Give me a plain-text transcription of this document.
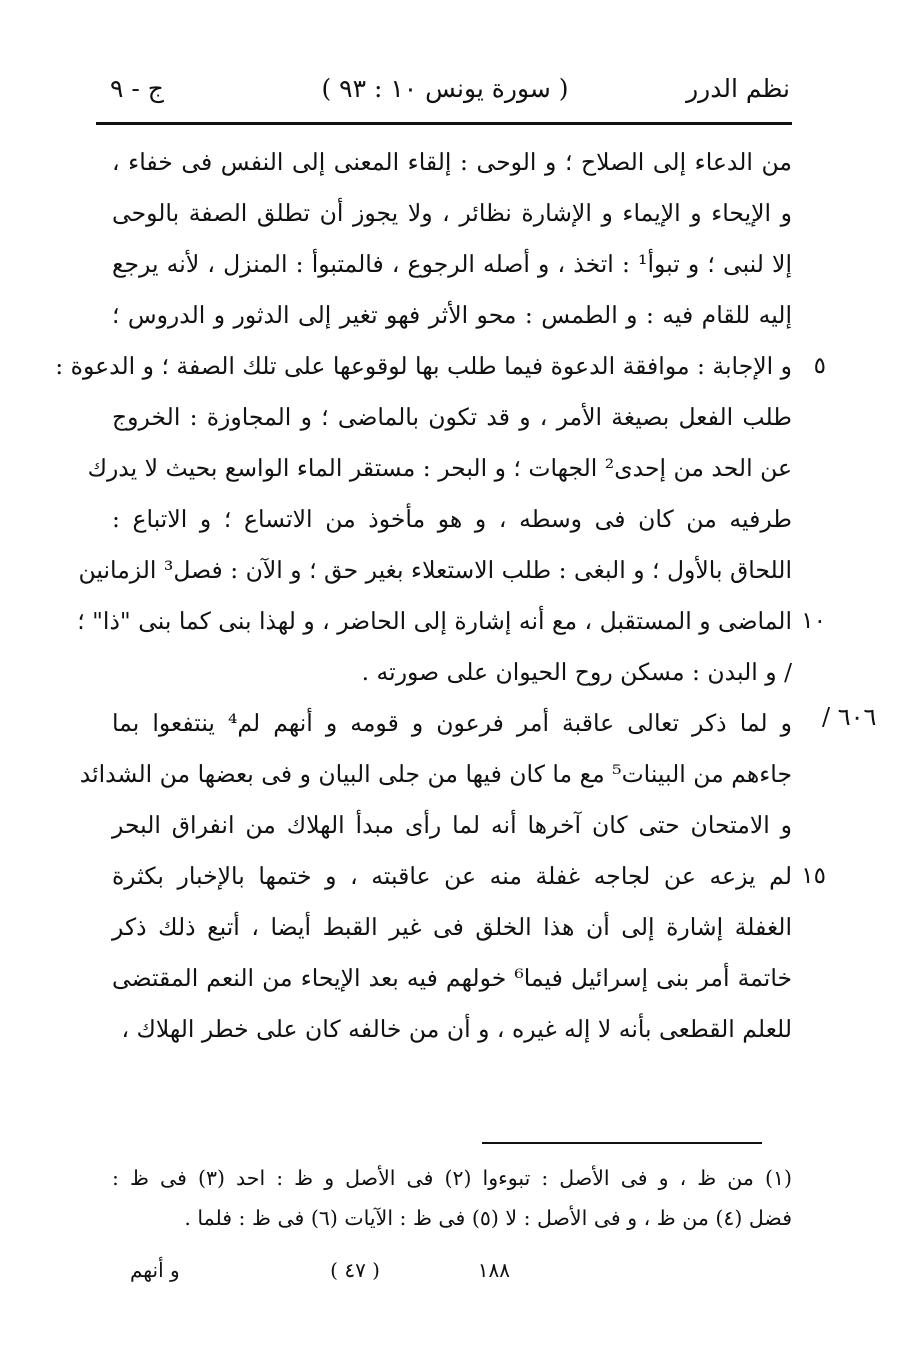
نظم الدرر
( سورة يونس ١٠ : ٩٣ )
ج - ٩
من الدعاء إلى الصلاح ؛ و الوحى : إلقاء المعنى إلى النفس فى خفاء ،
و الإيحاء و الإيماء و الإشارة نظائر ، ولا يجوز أن تطلق الصفة بالوحى
إلا لنبى ؛ و تبوأ¹ : اتخذ ، و أصله الرجوع ، فالمتبوأ : المنزل ، لأنه يرجع
إليه للقام فيه : و الطمس : محو الأثر فهو تغير إلى الدثور و الدروس ؛
و الإجابة : موافقة الدعوة فيما طلب بها لوقوعها على تلك الصفة ؛ و الدعوة : ٥
طلب الفعل بصيغة الأمر ، و قد تكون بالماضى ؛ و المجاوزة : الخروج
عن الحد من إحدى² الجهات ؛ و البحر : مستقر الماء الواسع بحيث لا يدرك
طرفيه من كان فى وسطه ، و هو مأخوذ من الاتساع ؛ و الاتباع :
اللحاق بالأول ؛ و البغى : طلب الاستعلاء بغير حق ؛ و الآن : فصل³ الزمانين
الماضى و المستقبل ، مع أنه إشارة إلى الحاضر ، و لهذا بنى كما بنى "ذا" ؛ ١٠
/ و البدن : مسكن روح الحيوان على صورته .
و لما ذكر تعالى عاقبة أمر فرعون و قومه و أنهم لم⁴ ينتفعوا بما
جاءهم من البينات⁵ مع ما كان فيها من جلى البيان و فى بعضها من الشدائد
و الامتحان حتى كان آخرها أنه لما رأى مبدأ الهلاك من انفراق البحر
لم يزعه عن لجاجه غفلة منه عن عاقبته ، و ختمها بالإخبار بكثرة ١٥
الغفلة إشارة إلى أن هذا الخلق فى غير القبط أيضا ، أتبع ذلك ذكر
خاتمة أمر بنى إسرائيل فيما⁶ خولهم فيه بعد الإيحاء من النعم المقتضى
للعلم القطعى بأنه لا إله غيره ، و أن من خالفه كان على خطر الهلاك ،
٦٠٦ /
(١) من ظ ، و فى الأصل : تبوءوا (٢) فى الأصل و ظ : احد (٣) فى ظ :
فضل (٤) من ظ ، و فى الأصل : لا (٥) فى ظ : الآيات (٦) فى ظ : فلما .
١٨٨
( ٤٧ )
و أنهم
